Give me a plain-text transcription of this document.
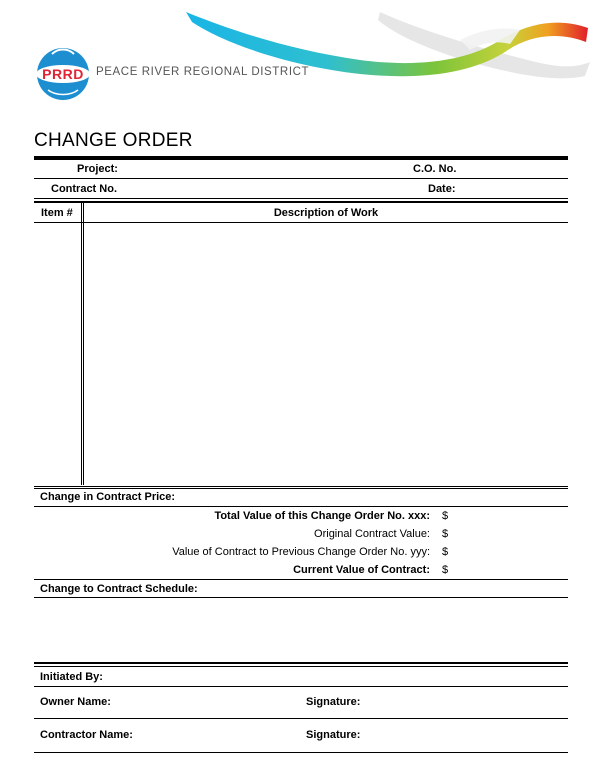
PRRD	PEACE RIVER REGIONAL DISTRICT
CHANGE ORDER
Project:	C.O. No.
Contract No.	Date:
Item #	Description of Work
Change in Contract Price:
Total Value of this Change Order No. xxx: $
Original Contract Value: $
Value of Contract to Previous Change Order No. yyy: $
Current Value of Contract: $
Change to Contract Schedule:
Initiated By:
Owner Name:	Signature:
Contractor Name:	Signature:
